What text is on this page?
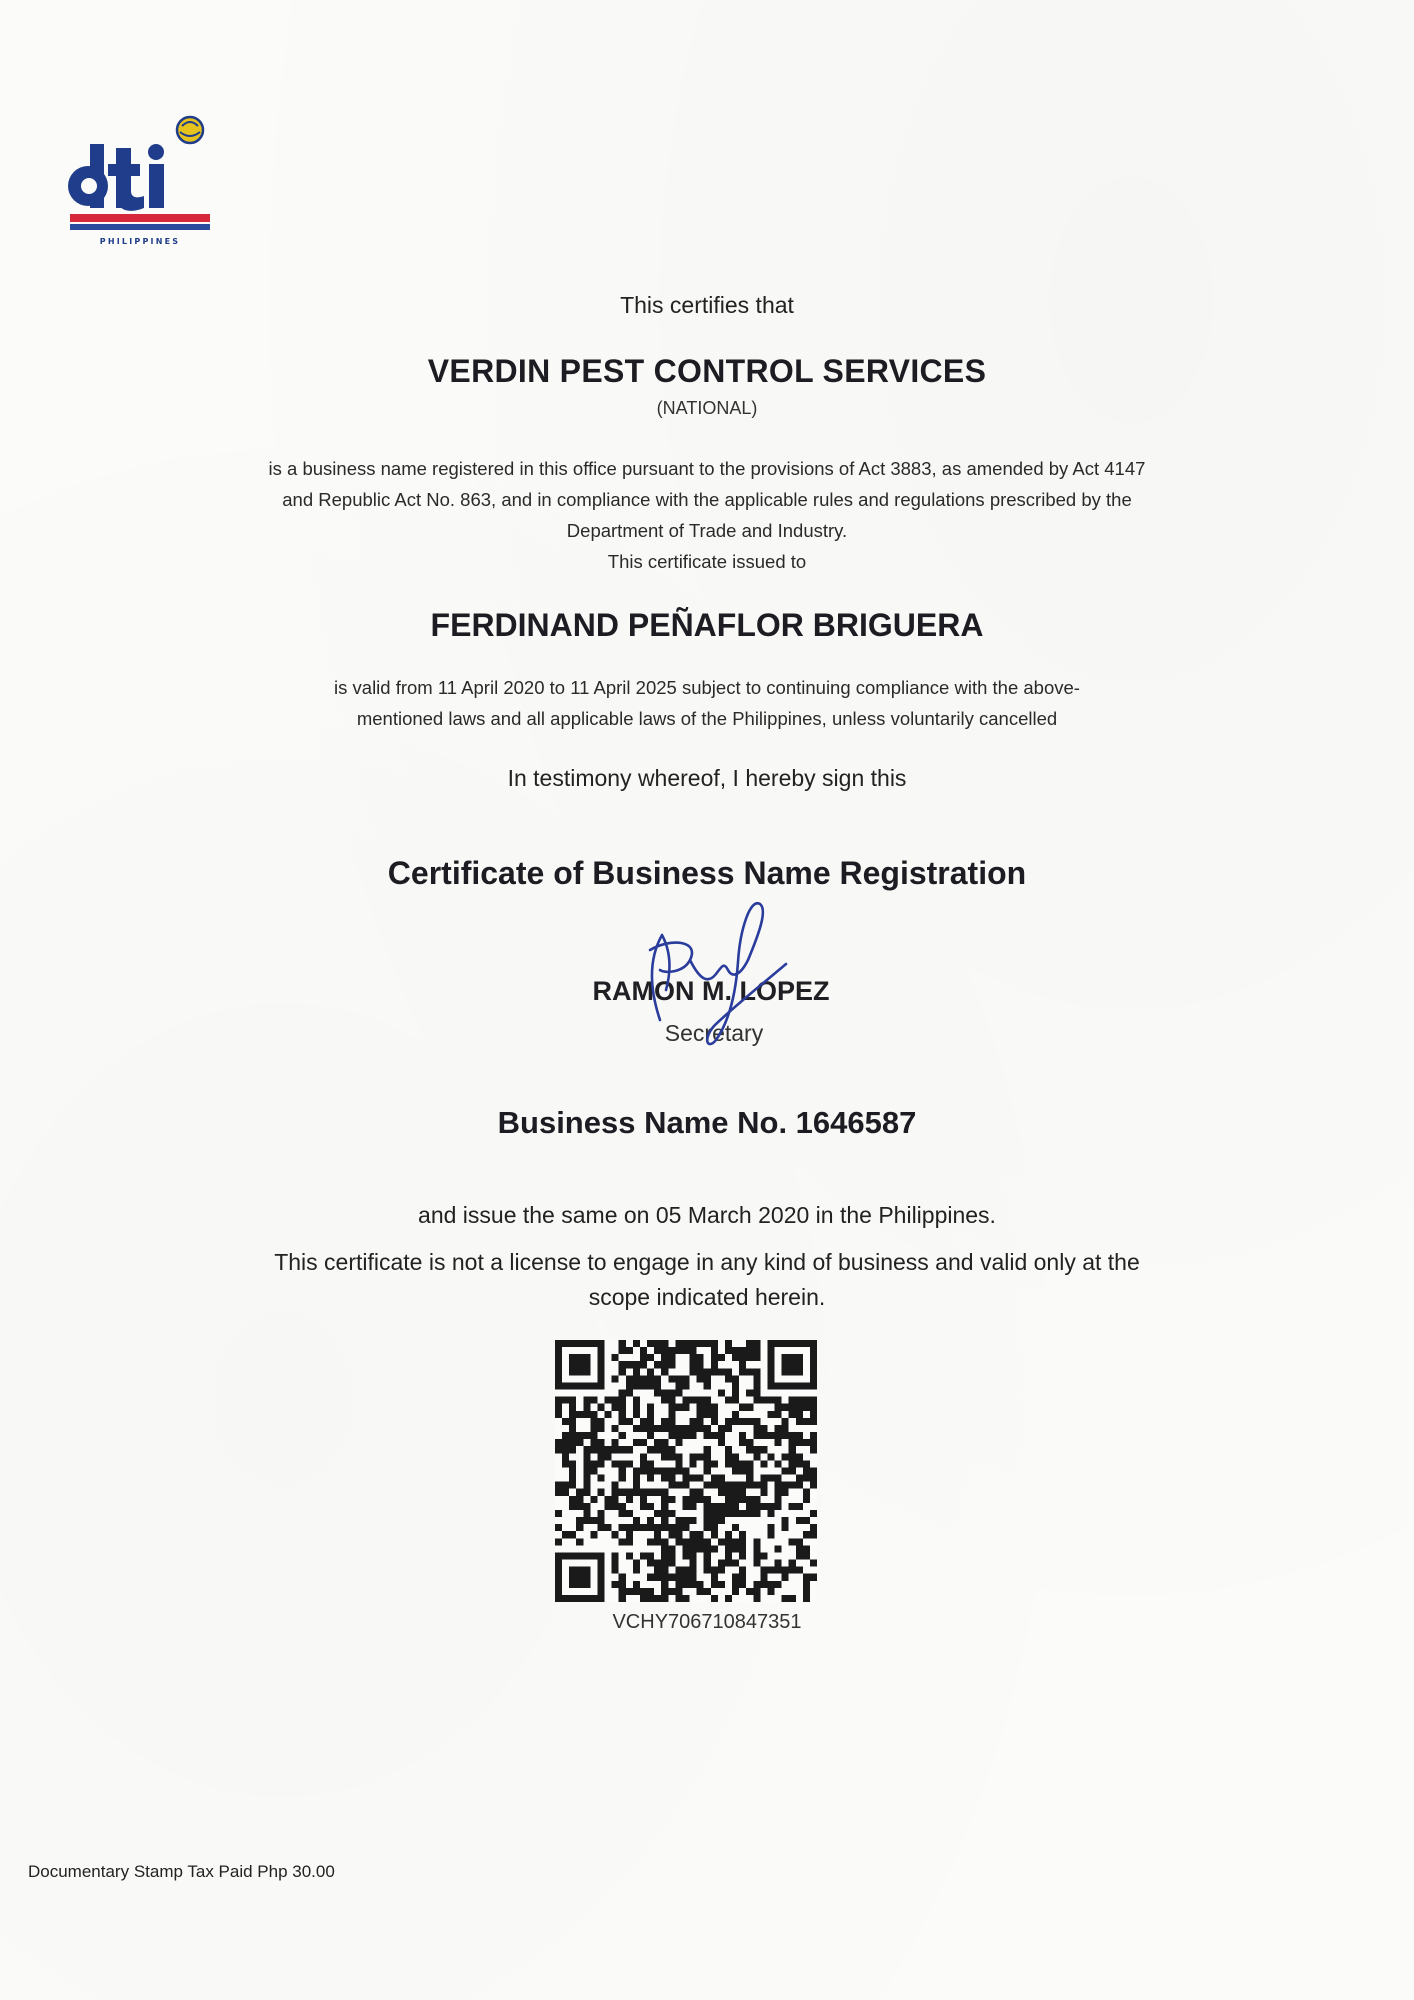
PHILIPPINES
This certifies that
VERDIN PEST CONTROL SERVICES
(NATIONAL)
is a business name registered in this office pursuant to the provisions of Act 3883, as amended by Act 4147
and Republic Act No. 863, and in compliance with the applicable rules and regulations prescribed by the
Department of Trade and Industry.
This certificate issued to
FERDINAND PEÑAFLOR BRIGUERA
is valid from 11 April 2020 to 11 April 2025 subject to continuing compliance with the above-
mentioned laws and all applicable laws of the Philippines, unless voluntarily cancelled
In testimony whereof, I hereby sign this
Certificate of Business Name Registration
RAMON M. LOPEZ
Secretary
Business Name No. 1646587
and issue the same on 05 March 2020 in the Philippines.
This certificate is not a license to engage in any kind of business and valid only at the
scope indicated herein.
VCHY706710847351
Documentary Stamp Tax Paid Php 30.00
